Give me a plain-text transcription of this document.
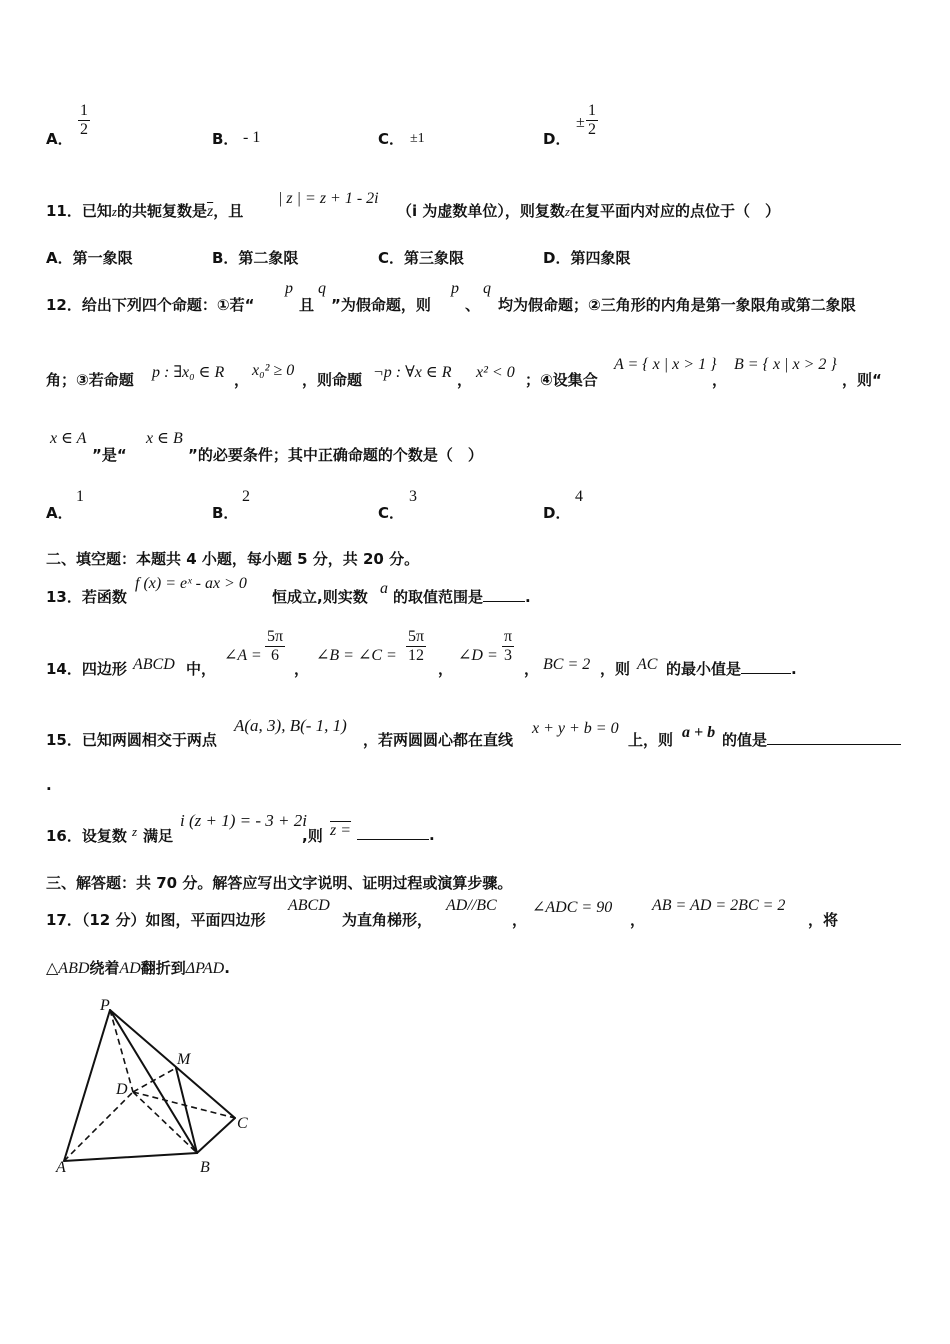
A． $\frac{1}{2}$	B． - 1	C． ±1	D．
± $\frac{1}{2}$
11．已知z的共轭复数是$\overline{z}$，且
| z | = z + 1 - 2i
（i 为虚数单位），则复数z在复平面内对应的点位于（　）
A．第一象限	B．第二象限	C．第三象限	D．第四象限
12．给出下列四个命题：①若“
p
且
q
”为假命题，则
p
、
q
均为假命题；②三角形的内角是第一象限角或第二象限
角；③若命题 p : ∃x₀ ∈ R ，
x₀² ≥ 0
，则命题 ¬p : ∀x ∈ R ， x² < 0 ；④设集合
A = { x | x > 1 }
，
B = { x | x > 2 }
，则“
x ∈ A
”是“
x ∈ B
”的必要条件；其中正确命题的个数是（　）
A．
1
B．
2
C．
3
D．
4
二、填空题：本题共 4 小题，每小题 5 分，共 20 分。
13．若函数
f (x) = eˣ - ax > 0
恒成立,则实数 a 的取值范围是	.
14．四边形 ABCD 中，
∠A = $\frac{5\pi}{6}$
，
∠B = ∠C = $\frac{5\pi}{12}$
，
∠D = $\frac{\pi}{3}$
， BC = 2 ，则 AC 的最小值是	.
15．已知两圆相交于两点
A(a, 3), B(- 1, 1)
，若两圆圆心都在直线
x + y + b = 0
上，则 a + b 的值是
.
16．设复数 z 满足
i (z + 1) = - 3 + 2i
,则 z =	.
三、解答题：共 70 分。解答应写出文字说明、证明过程或演算步骤。
17．（12 分）如图，平面四边形
ABCD
为直角梯形，
AD//BC
，
∠ADC = 90
，
AB = AD = 2BC = 2
，将
△ABD绕着AD翻折到ΔPAD.
P
M
D
C
A	B
